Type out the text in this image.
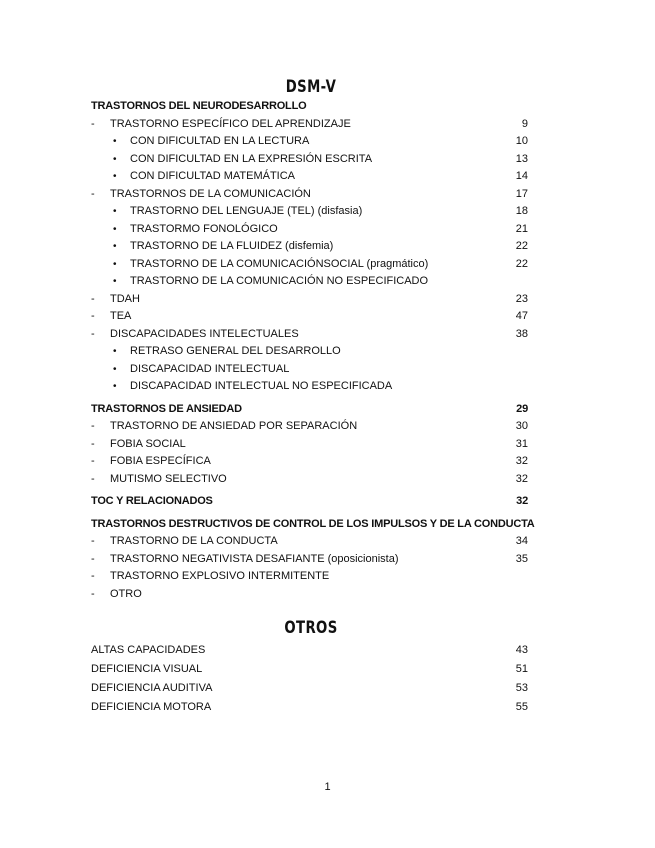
DSM-V
TRASTORNOS DEL NEURODESARROLLO
- TRASTORNO ESPECÍFICO DEL APRENDIZAJE	9
• CON DIFICULTAD EN LA LECTURA	10
• CON DIFICULTAD EN LA EXPRESIÓN ESCRITA	13
• CON DIFICULTAD MATEMÁTICA	14
- TRASTORNOS DE LA COMUNICACIÓN	17
• TRASTORNO DEL LENGUAJE (TEL) (disfasia)	18
• TRASTORMO FONOLÓGICO	21
• TRASTORNO DE LA FLUIDEZ (disfemia)	22
• TRASTORNO DE LA COMUNICACIÓNSOCIAL (pragmático)	22
• TRASTORNO DE LA COMUNICACIÓN NO ESPECIFICADO
- TDAH	23
- TEA	47
- DISCAPACIDADES INTELECTUALES	38
• RETRASO GENERAL DEL DESARROLLO
• DISCAPACIDAD INTELECTUAL
• DISCAPACIDAD INTELECTUAL NO ESPECIFICADA
TRASTORNOS DE ANSIEDAD	29
- TRASTORNO DE ANSIEDAD POR SEPARACIÓN	30
- FOBIA SOCIAL	31
- FOBIA ESPECÍFICA	32
- MUTISMO SELECTIVO	32
TOC Y RELACIONADOS	32
TRASTORNOS DESTRUCTIVOS DE CONTROL DE LOS IMPULSOS Y DE LA CONDUCTA
- TRASTORNO DE LA CONDUCTA	34
- TRASTORNO NEGATIVISTA DESAFIANTE (oposicionista)	35
- TRASTORNO EXPLOSIVO INTERMITENTE
- OTRO
OTROS
ALTAS CAPACIDADES	43
DEFICIENCIA VISUAL	51
DEFICIENCIA AUDITIVA	53
DEFICIENCIA MOTORA	55
1
